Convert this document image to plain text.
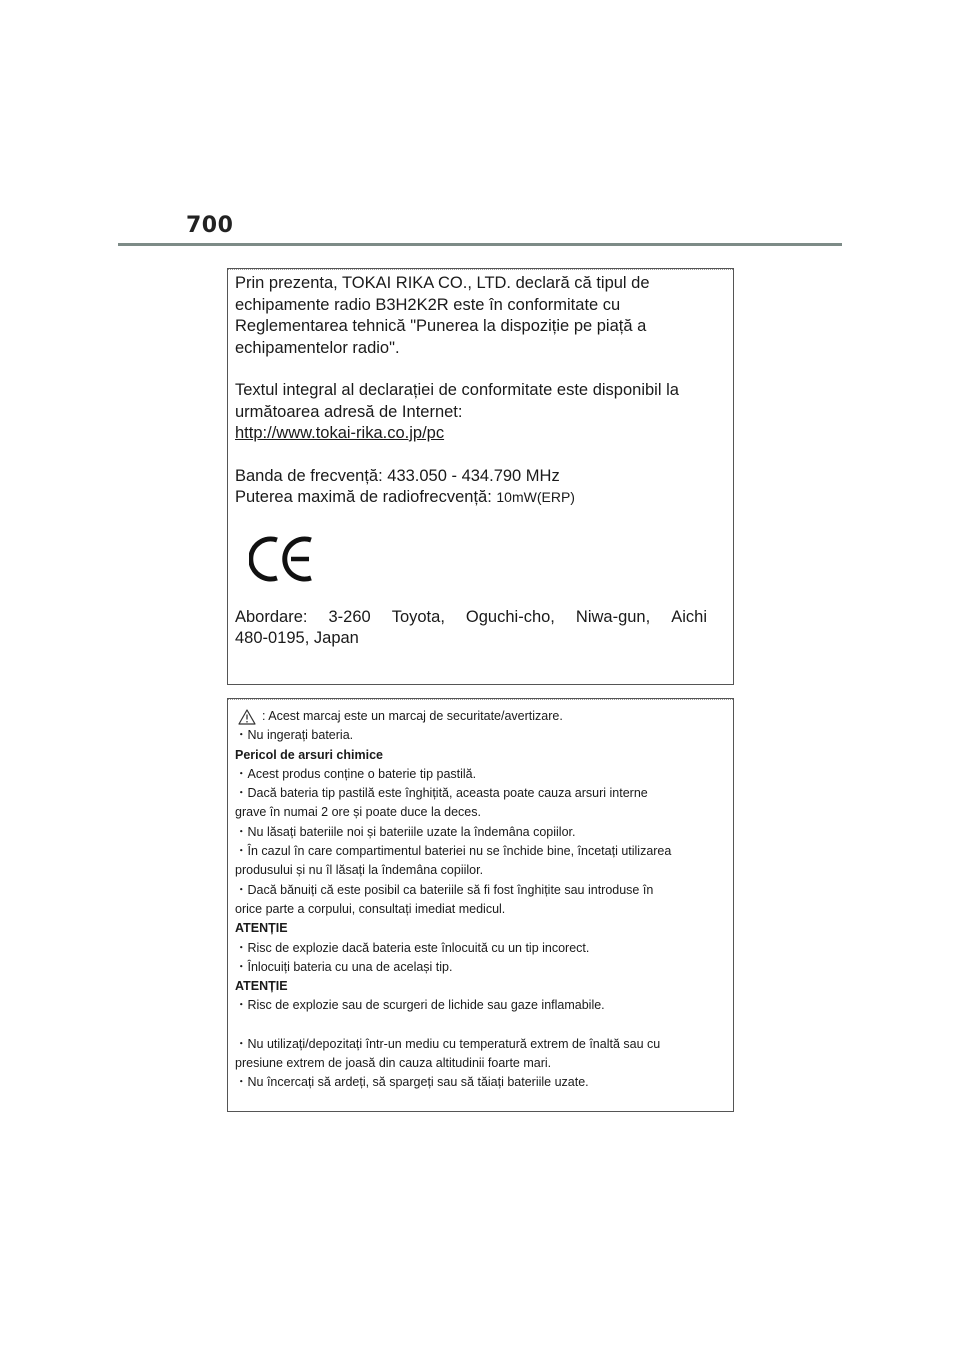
700

Prin prezenta, TOKAI RIKA CO., LTD. declară că tipul de echipamente radio B3H2K2R este în conformitate cu Reglementarea tehnică "Punerea la dispoziție pe piață a echipamentelor radio".

Textul integral al declarației de conformitate este disponibil la următoarea adresă de Internet:
http://www.tokai-rika.co.jp/pc

Banda de frecvență: 433.050 - 434.790 MHz
Puterea maximă de radiofrecvență: 10mW(ERP)

Abordare: 3-260 Toyota, Oguchi-cho, Niwa-gun, Aichi
480-0195, Japan

: Acest marcaj este un marcaj de securitate/avertizare.

・Nu ingerați bateria.

Pericol de arsuri chimice

・Acest produs conține o baterie tip pastilă.

・Dacă bateria tip pastilă este înghițită, aceasta poate cauza arsuri interne

grave în numai 2 ore și poate duce la deces.

・Nu lăsați bateriile noi și bateriile uzate la îndemâna copiilor.

・În cazul în care compartimentul bateriei nu se închide bine, încetați utilizarea

produsului și nu îl lăsați la îndemâna copiilor.

・Dacă bănuiți că este posibil ca bateriile să fi fost înghițite sau introduse în

orice parte a corpului, consultați imediat medicul.

ATENȚIE

・Risc de explozie dacă bateria este înlocuită cu un tip incorect.

・Înlocuiți bateria cu una de același tip.

ATENȚIE

・Risc de explozie sau de scurgeri de lichide sau gaze inflamabile.

・Nu utilizați/depozitați într-un mediu cu temperatură extrem de înaltă sau cu

presiune extrem de joasă din cauza altitudinii foarte mari.

・Nu încercați să ardeți, să spargeți sau să tăiați bateriile uzate.
